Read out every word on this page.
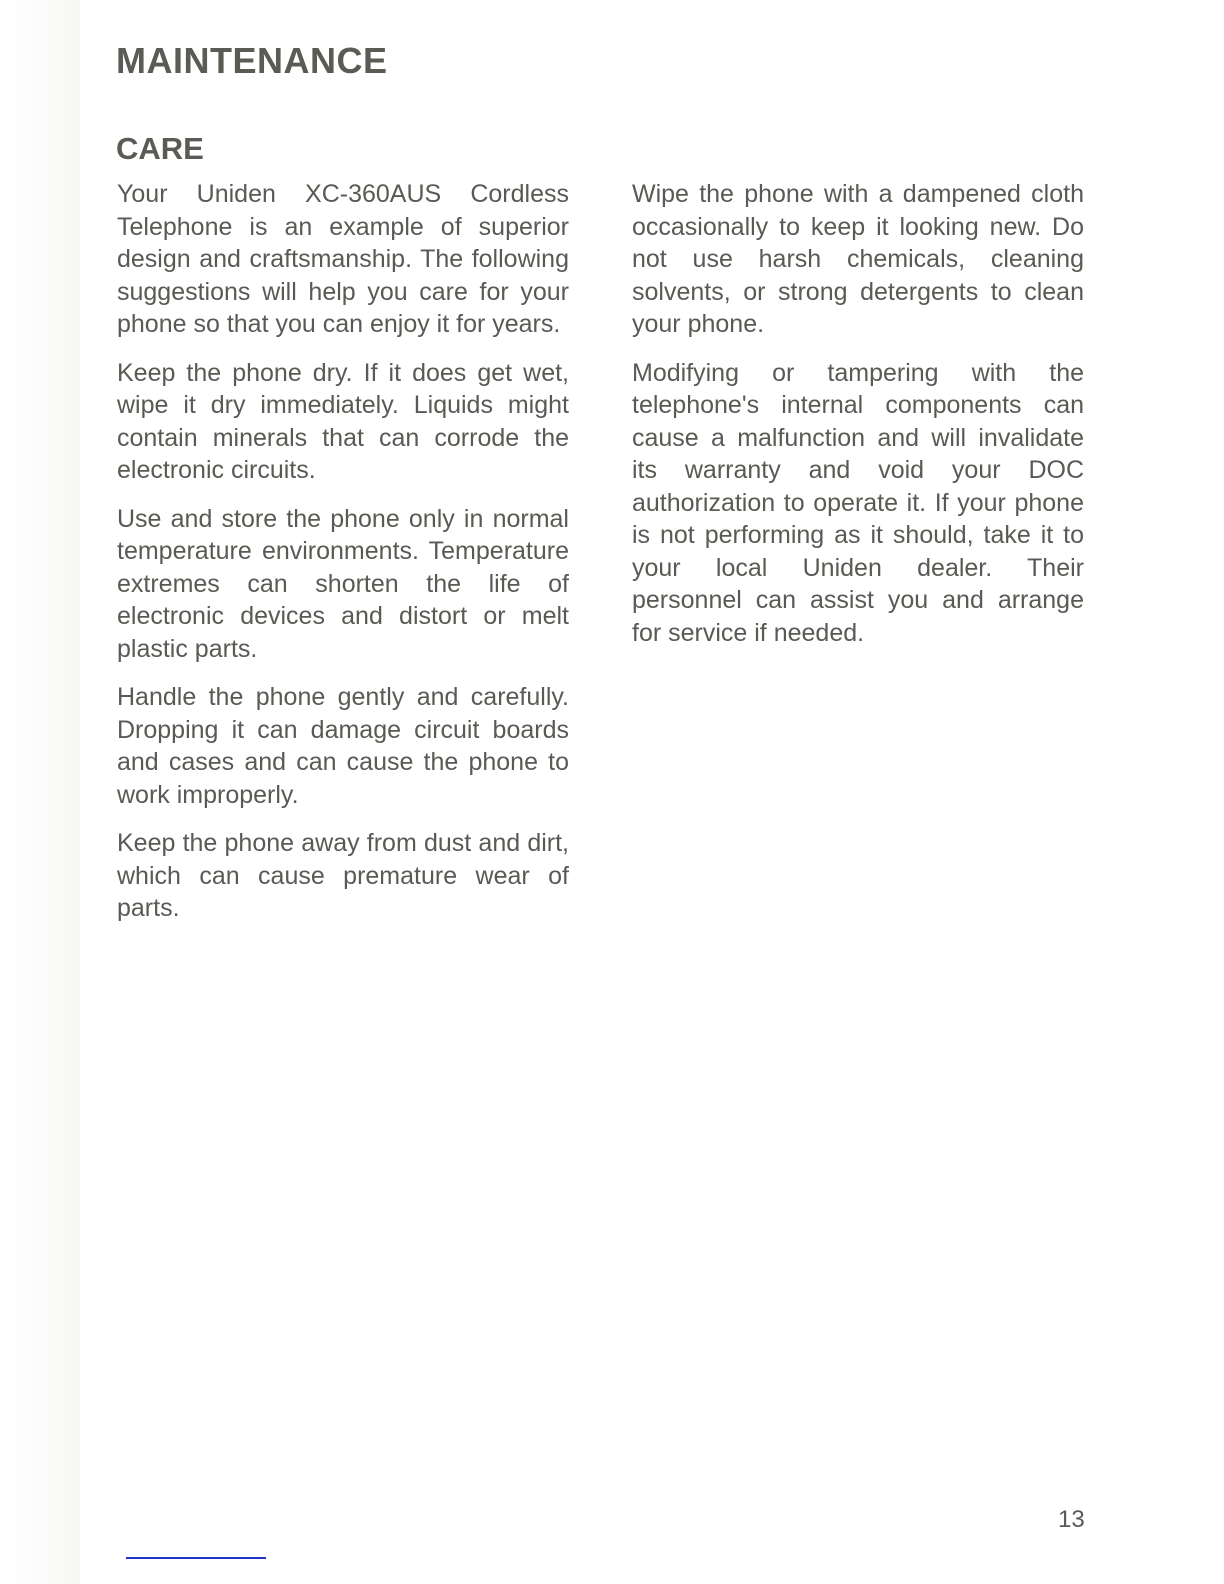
MAINTENANCE
CARE

Your Uniden XC-360AUS Cordless Telephone is an example of superior design and craftsmanship. The following suggestions will help you care for your phone so that you can enjoy it for years.

Keep the phone dry. If it does get wet, wipe it dry immediately. Liquids might contain minerals that can corrode the electronic circuits.

Use and store the phone only in normal temperature environments. Temperature extremes can shorten the life of electronic devices and distort or melt plastic parts.

Handle the phone gently and carefully. Dropping it can damage circuit boards and cases and can cause the phone to work improperly.

Keep the phone away from dust and dirt, which can cause premature wear of parts.

Wipe the phone with a dampened cloth occasionally to keep it looking new. Do not use harsh chemicals, cleaning solvents, or strong detergents to clean your phone.

Modifying or tampering with the telephone's internal components can cause a malfunction and will invalidate its warranty and void your DOC authorization to operate it. If your phone is not performing as it should, take it to your local Uniden dealer. Their personnel can assist you and arrange for service if needed.

13
